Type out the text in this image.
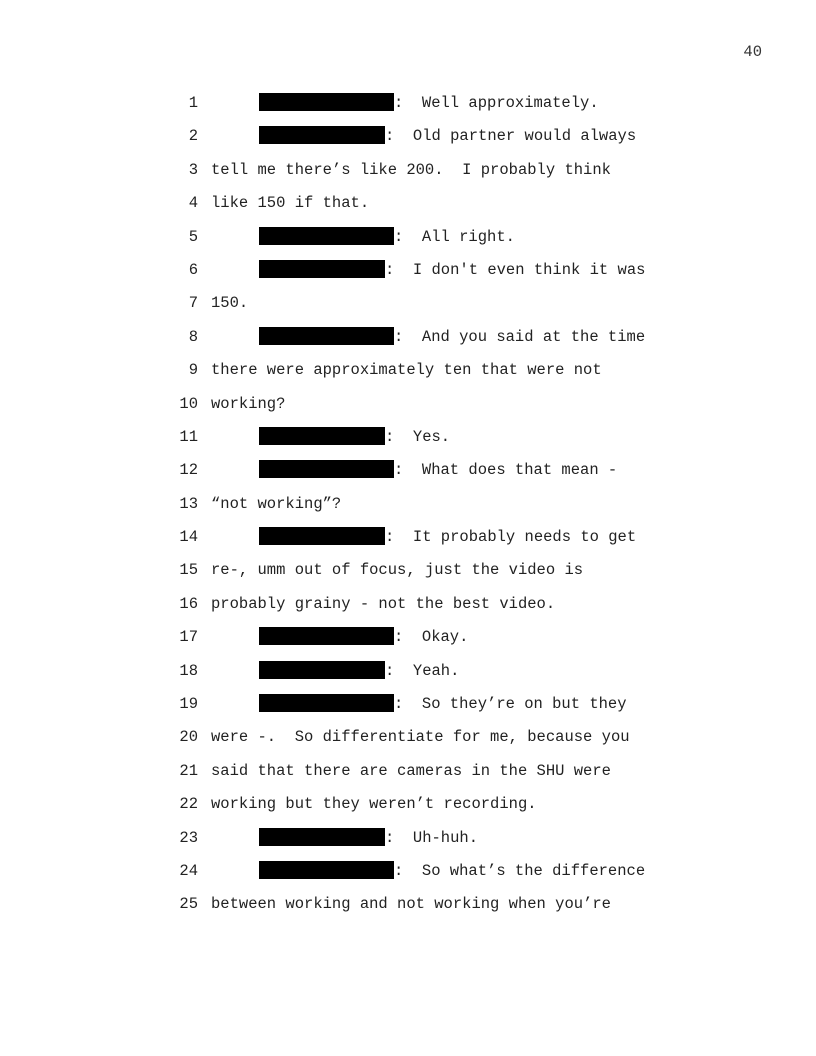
40
1	:  Well approximately.
2	:  Old partner would always
3 tell me there’s like 200.  I probably think
4 like 150 if that.
5	:  All right.
6	:  I don't even think it was
7 150.
8	:  And you said at the time
9 there were approximately ten that were not
10 working?
11	:  Yes.
12	:  What does that mean -
13 “not working”?
14	:  It probably needs to get
15 re-, umm out of focus, just the video is
16 probably grainy - not the best video.
17	:  Okay.
18	:  Yeah.
19	:  So they’re on but they
20 were -.  So differentiate for me, because you
21 said that there are cameras in the SHU were
22 working but they weren’t recording.
23	:  Uh-huh.
24	:  So what’s the difference
25 between working and not working when you’re
